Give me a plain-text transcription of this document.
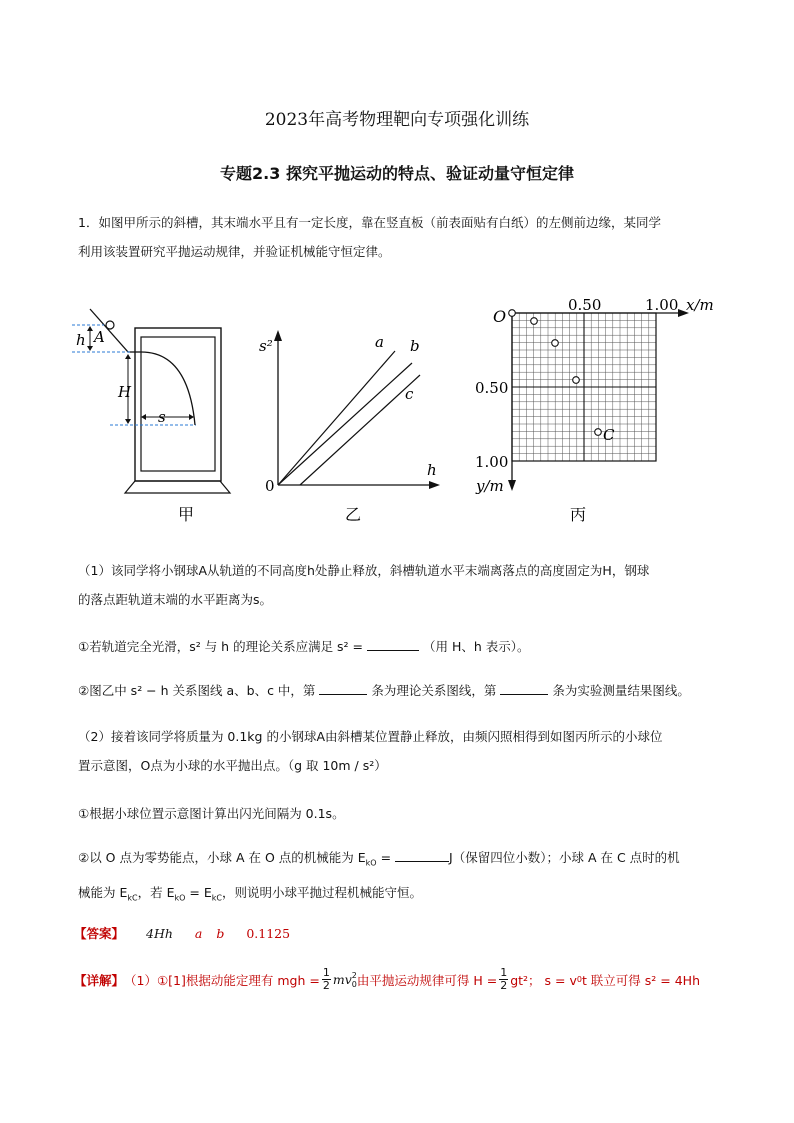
2023年高考物理靶向专项强化训练
专题2.3 探究平抛运动的特点、验证动量守恒定律
1．如图甲所示的斜槽，其末端水平且有一定长度，靠在竖直板（前表面贴有白纸）的左侧前边缘，某同学
利用该装置研究平抛运动规律，并验证机械能守恒定律。
h A
H
s
甲
s²
h
0
a b
c
乙
O
0.50	1.00 x/m
0.50
1.00
y/m
C
丙
（1）该同学将小钢球A从轨道的不同高度h处静止释放，斜槽轨道水平末端离落点的高度固定为H，钢球
的落点距轨道末端的水平距离为s。
①若轨道完全光滑，s² 与 h 的理论关系应满足 s² =	（用 H、h 表示）。
②图乙中 s² − h 关系图线 a、b、c 中，第	条为理论关系图线，第	条为实验测量结果图线。
（2）接着该同学将质量为 0.1kg 的小钢球A由斜槽某位置静止释放，由频闪照相得到如图丙所示的小球位
置示意图，O点为小球的水平抛出点。（g 取 10m / s²）
①根据小球位置示意图计算出闪光间隔为 0.1s。
②以 O 点为零势能点，小球 A 在 O 点的机械能为 $E_{kO}$ =	J（保留四位小数）；小球 A 在 C 点时的机
械能为 $E_{kC}$，若 $E_{kO} = E_{kC}$，则说明小球平抛过程机械能守恒。
【答案】 4Hh a b 0.1125
【详解】 （1）①[1]根据动能定理有 mgh = 1
2 mv 2
0 由平抛运动规律可得 H = 1
2 gt²； s = v 0 t 联立可得 s² = 4Hh
